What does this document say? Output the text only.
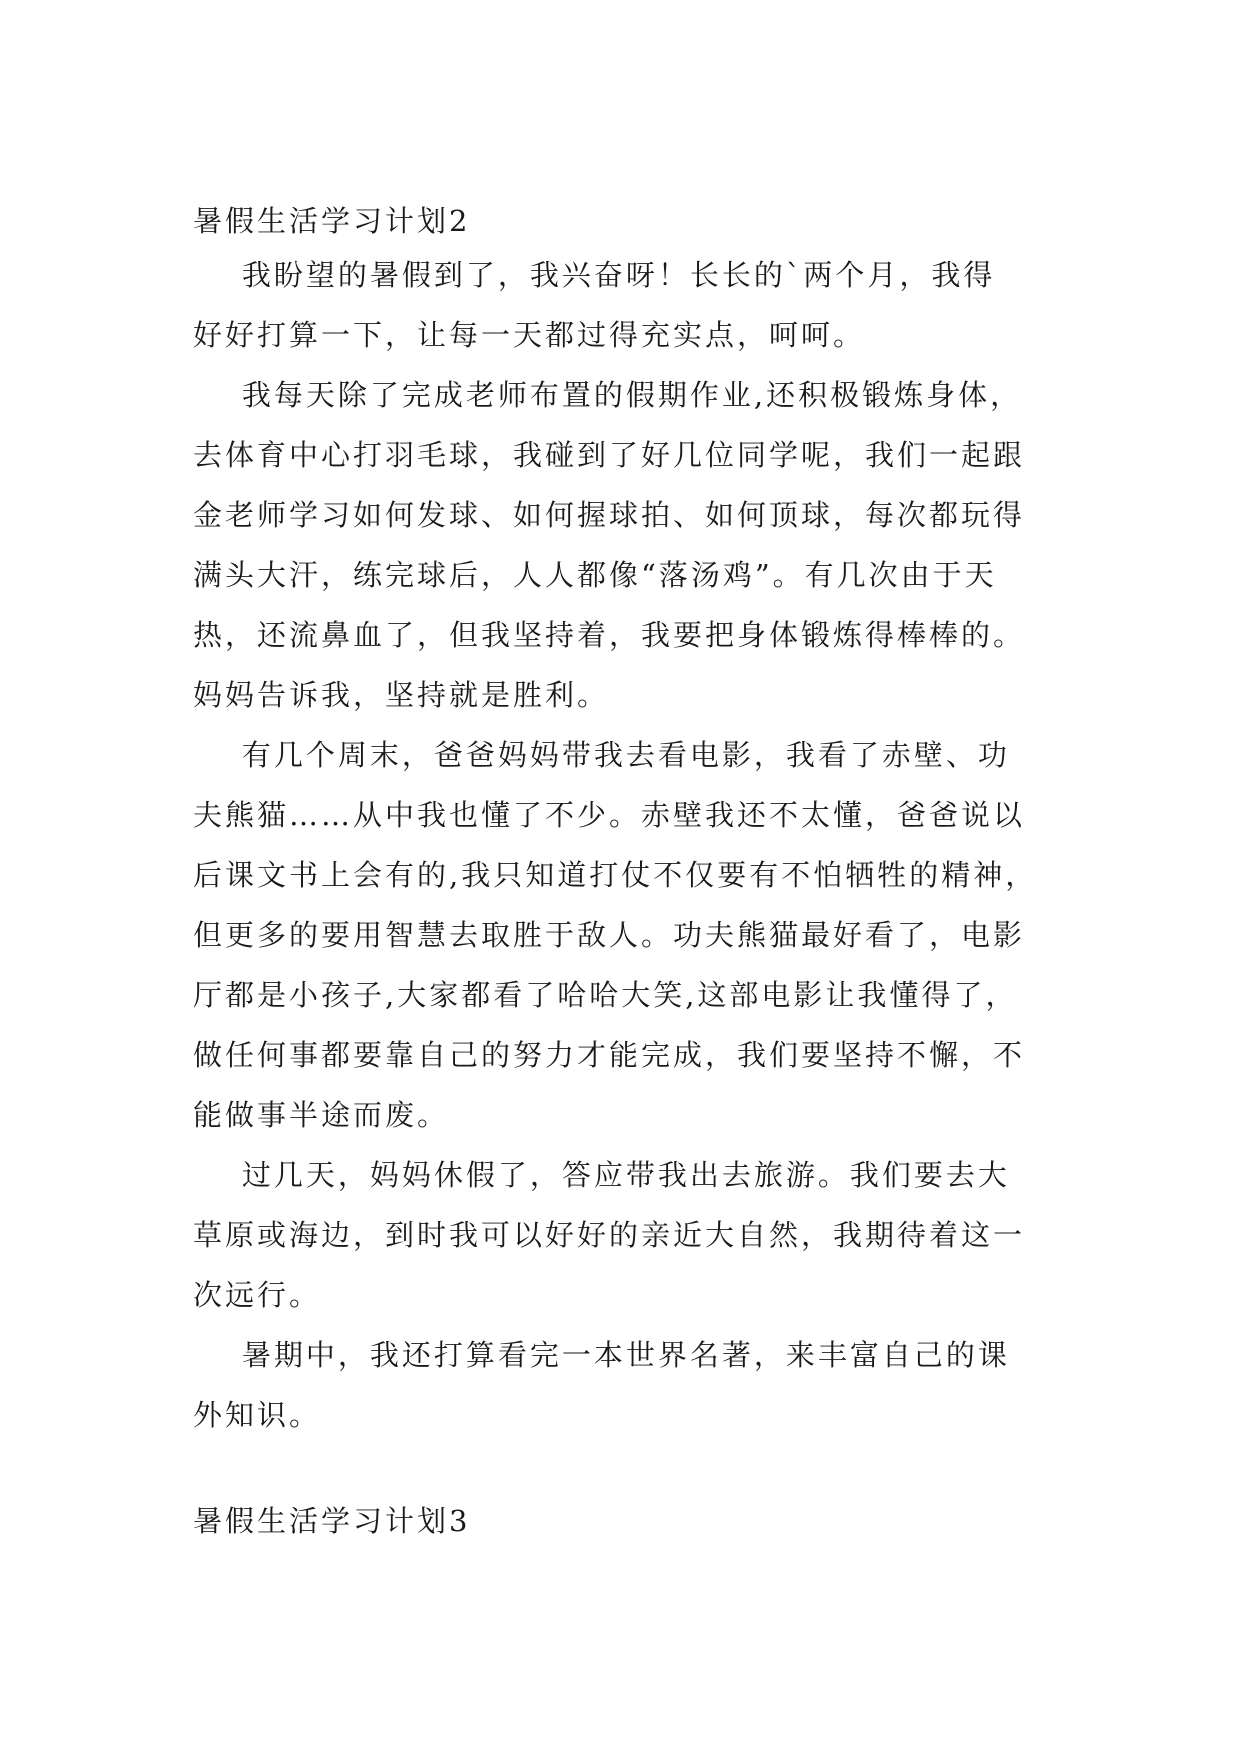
暑假生活学习计划2
我盼望的暑假到了，我兴奋呀！长长的`两个月，我得
好好打算一下，让每一天都过得充实点，呵呵。
我每天除了完成老师布置的假期作业,还积极锻炼身体，
去体育中心打羽毛球，我碰到了好几位同学呢，我们一起跟
金老师学习如何发球、如何握球拍、如何顶球，每次都玩得
满头大汗，练完球后，人人都像“落汤鸡”。有几次由于天
热，还流鼻血了，但我坚持着，我要把身体锻炼得棒棒的。
妈妈告诉我，坚持就是胜利。
有几个周末，爸爸妈妈带我去看电影，我看了赤壁、功
夫熊猫……从中我也懂了不少。赤壁我还不太懂，爸爸说以
后课文书上会有的,我只知道打仗不仅要有不怕牺牲的精神，
但更多的要用智慧去取胜于敌人。功夫熊猫最好看了，电影
厅都是小孩子,大家都看了哈哈大笑,这部电影让我懂得了，
做任何事都要靠自己的努力才能完成，我们要坚持不懈，不
能做事半途而废。
过几天，妈妈休假了，答应带我出去旅游。我们要去大
草原或海边，到时我可以好好的亲近大自然，我期待着这一
次远行。
暑期中，我还打算看完一本世界名著，来丰富自己的课
外知识。
暑假生活学习计划3
